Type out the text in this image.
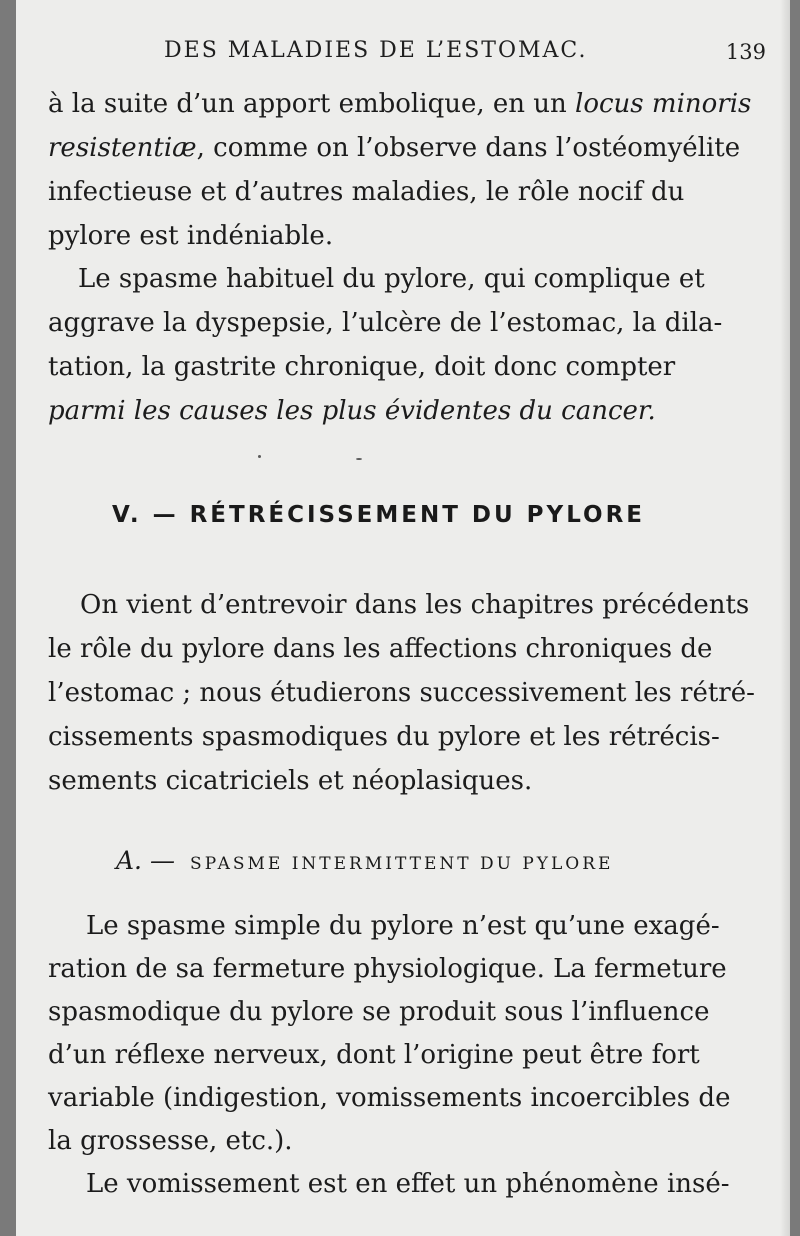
DES MALADIES DE L’ESTOMAC.	139
à la suite d’un apport embolique, en un locus minoris
resistentiæ, comme on l’observe dans l’ostéomyélite
infectieuse et d’autres maladies, le rôle nocif du
pylore est indéniable.
Le spasme habituel du pylore, qui complique et
aggrave la dyspepsie, l’ulcère de l’estomac, la dila-
tation, la gastrite chronique, doit donc compter
parmi les causes les plus évidentes du cancer.
V. — RÉTRÉCISSEMENT DU PYLORE
On vient d’entrevoir dans les chapitres précédents
le rôle du pylore dans les affections chroniques de
l’estomac ; nous étudierons successivement les rétré-
cissements spasmodiques du pylore et les rétrécis-
sements cicatriciels et néoplasiques.
A. — SPASME INTERMITTENT DU PYLORE
Le spasme simple du pylore n’est qu’une exagé-
ration de sa fermeture physiologique. La fermeture
spasmodique du pylore se produit sous l’influence
d’un réflexe nerveux, dont l’origine peut être fort
variable (indigestion, vomissements incoercibles de
la grossesse, etc.).
Le vomissement est en effet un phénomène insé-
